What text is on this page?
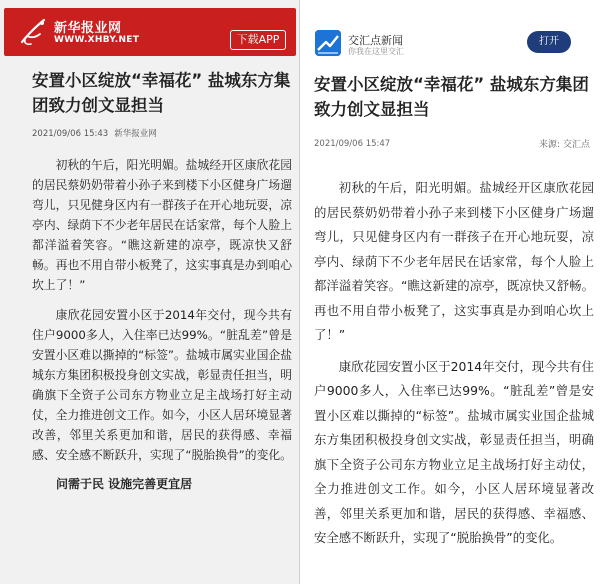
新华报业网
WWW.XHBY.NET	下载APP
安置小区绽放“幸福花” 盐城东方集团致力创文显担当
2021/09/06 15:43 新华报业网

初秋的午后，阳光明媚。盐城经开区康欣花园的居民蔡奶奶带着小孙子来到楼下小区健身广场遛弯儿，只见健身区内有一群孩子在开心地玩耍，凉亭内、绿荫下不少老年居民在话家常，每个人脸上都洋溢着笑容。“瞧这新建的凉亭，既凉快又舒畅。再也不用自带小板凳了，这实事真是办到咱心坎上了！”

康欣花园安置小区于2014年交付，现今共有住户9000多人，入住率已达99%。“脏乱差”曾是安置小区难以撕掉的“标签”。盐城市属实业国企盐城东方集团积极投身创文实战，彰显责任担当，明确旗下全资子公司东方物业立足主战场打好主动仗，全力推进创文工作。如今，小区人居环境显著改善，邻里关系更加和谐，居民的获得感、幸福感、安全感不断跃升，实现了“脱胎换骨”的变化。

问需于民 设施完善更宜居
交汇点新闻
你我在这里交汇
打开
安置小区绽放“幸福花” 盐城东方集团致力创文显担当
2021/09/06 15:47	来源: 交汇点

初秋的午后，阳光明媚。盐城经开区康欣花园的居民蔡奶奶带着小孙子来到楼下小区健身广场遛弯儿，只见健身区内有一群孩子在开心地玩耍，凉亭内、绿荫下不少老年居民在话家常，每个人脸上都洋溢着笑容。“瞧这新建的凉亭，既凉快又舒畅。再也不用自带小板凳了，这实事真是办到咱心坎上了！”

康欣花园安置小区于2014年交付，现今共有住户9000多人，入住率已达99%。“脏乱差”曾是安置小区难以撕掉的“标签”。盐城市属实业国企盐城东方集团积极投身创文实战，彰显责任担当，明确旗下全资子公司东方物业立足主战场打好主动仗，全力推进创文工作。如今，小区人居环境显著改善，邻里关系更加和谐，居民的获得感、幸福感、安全感不断跃升，实现了“脱胎换骨”的变化。
